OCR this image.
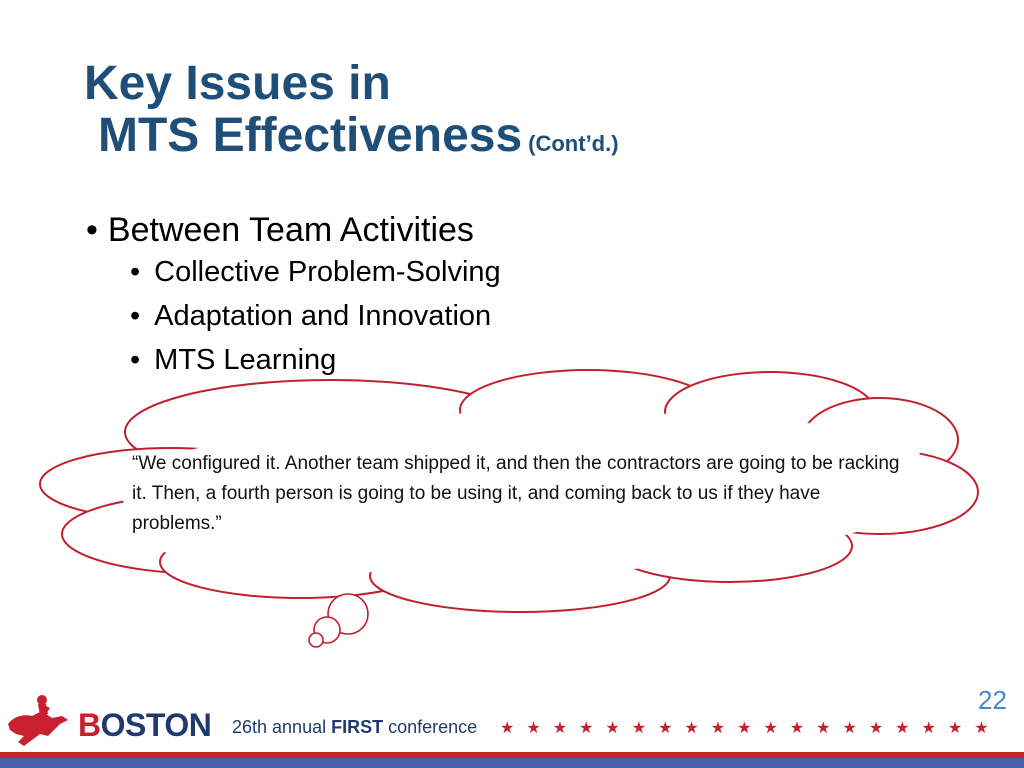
Key Issues in
MTS Effectiveness (Cont’d.)
• Between Team Activities
• Collective Problem-Solving
• Adaptation and Innovation
• MTS Learning
“We configured it. Another team shipped it, and then the contractors are going to be racking it. Then, a fourth person is going to be using it, and coming back to us if they have problems.”
BOSTON 26th annual FIRST conference ★★★★★★★★★★★★★★★★★★★
22
